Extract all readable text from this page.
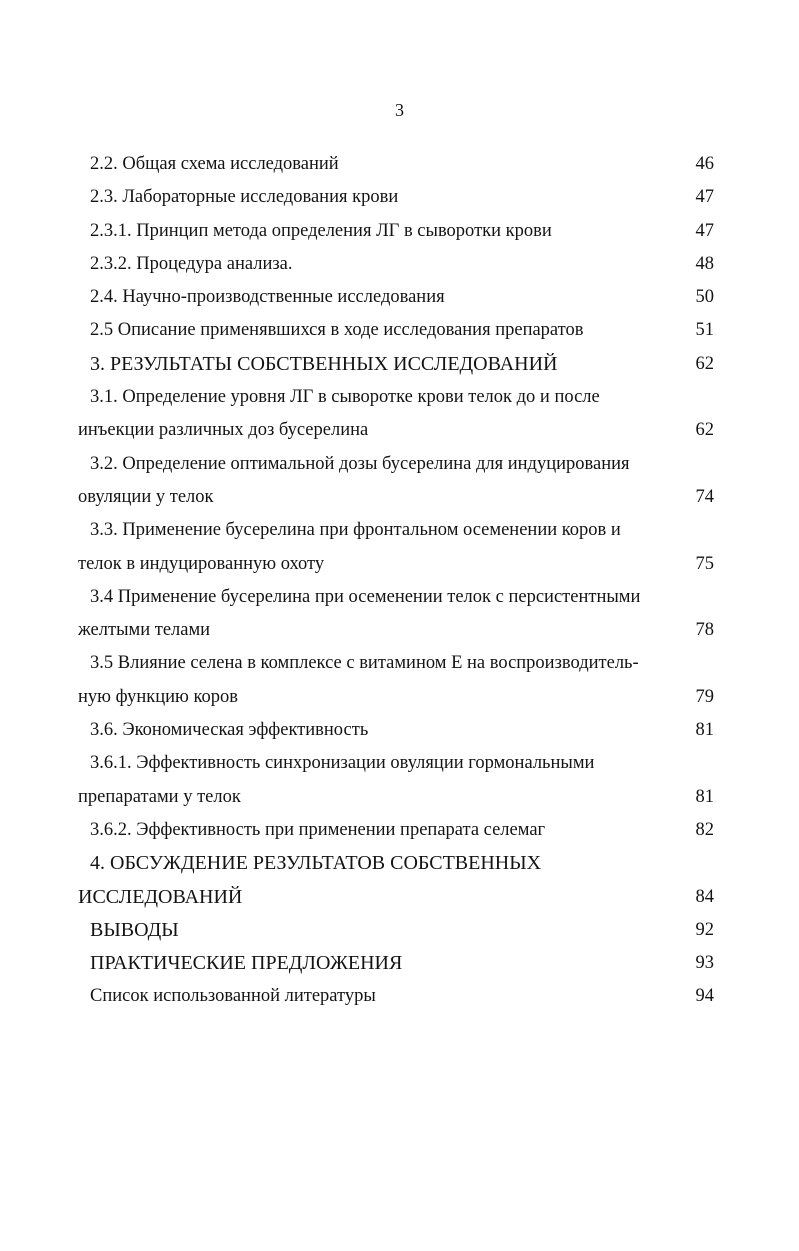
3
2.2. Общая схема исследований	46
2.3. Лабораторные исследования крови	47
2.3.1. Принцип метода определения ЛГ в сыворотки крови	47
2.3.2. Процедура анализа.	48
2.4. Научно-производственные исследования	50
2.5 Описание применявшихся в ходе исследования препаратов	51
3. РЕЗУЛЬТАТЫ СОБСТВЕННЫХ ИССЛЕДОВАНИЙ	62
3.1. Определение уровня ЛГ в сыворотке крови телок до и после
инъекции различных доз бусерелина	62
3.2. Определение оптимальной дозы бусерелина для индуцирования
овуляции у телок	74
3.3. Применение бусерелина при фронтальном осеменении коров и
телок в индуцированную охоту	75
3.4 Применение бусерелина при осеменении телок с персистентными
желтыми телами	78
3.5 Влияние селена в комплексе с витамином Е на воспроизводитель-
ную функцию коров	79
3.6. Экономическая эффективность	81
3.6.1. Эффективность синхронизации овуляции гормональными
препаратами у телок	81
3.6.2. Эффективность при применении препарата селемаг	82
4. ОБСУЖДЕНИЕ РЕЗУЛЬТАТОВ СОБСТВЕННЫХ
ИССЛЕДОВАНИЙ	84
ВЫВОДЫ	92
ПРАКТИЧЕСКИЕ ПРЕДЛОЖЕНИЯ	93
Список использованной литературы	94
